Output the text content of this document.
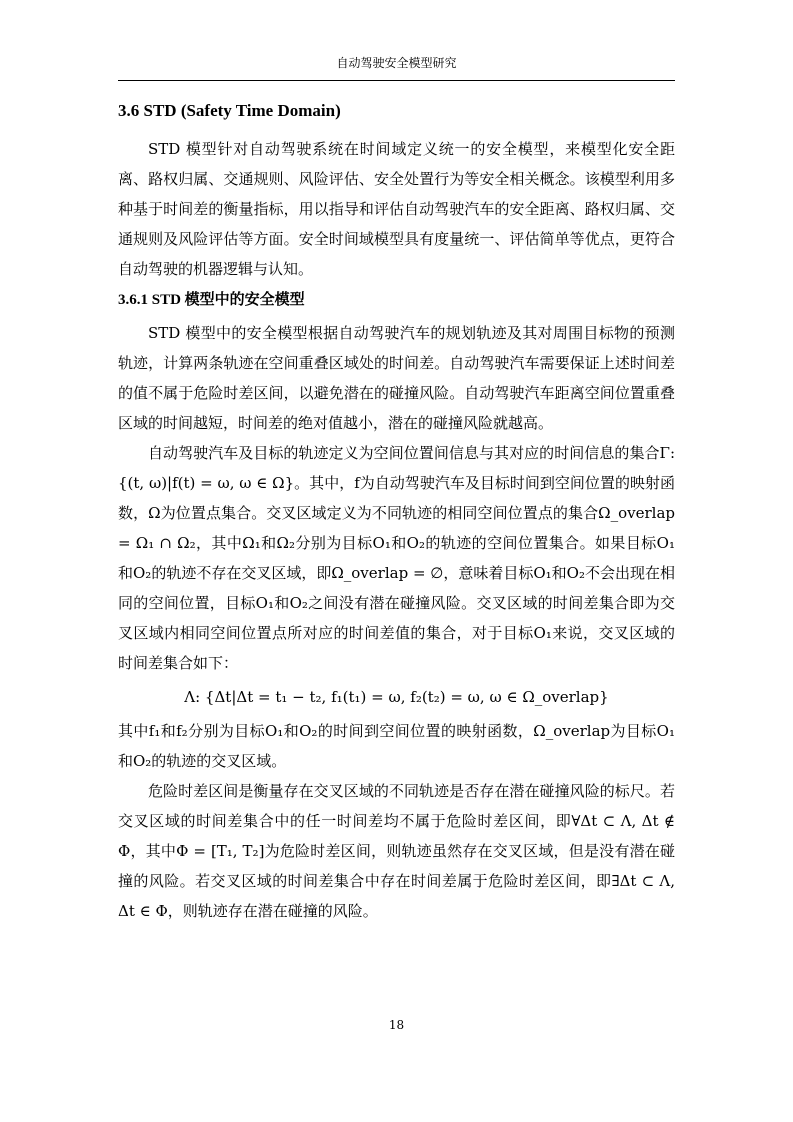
自动驾驶安全模型研究
3.6 STD (Safety Time Domain)

STD 模型针对自动驾驶系统在时间域定义统一的安全模型，来模型化安全距离、路权归属、交通规则、风险评估、安全处置行为等安全相关概念。该模型利用多种基于时间差的衡量指标，用以指导和评估自动驾驶汽车的安全距离、路权归属、交通规则及风险评估等方面。安全时间域模型具有度量统一、评估简单等优点，更符合自动驾驶的机器逻辑与认知。

3.6.1 STD 模型中的安全模型

STD 模型中的安全模型根据自动驾驶汽车的规划轨迹及其对周围目标物的预测轨迹，计算两条轨迹在空间重叠区域处的时间差。自动驾驶汽车需要保证上述时间差的值不属于危险时差区间，以避免潜在的碰撞风险。自动驾驶汽车距离空间位置重叠区域的时间越短，时间差的绝对值越小，潜在的碰撞风险就越高。

自动驾驶汽车及目标的轨迹定义为空间位置间信息与其对应的时间信息的集合Γ: {(t, ω)|f(t) = ω, ω ∈ Ω}。其中，f为自动驾驶汽车及目标时间到空间位置的映射函数，Ω为位置点集合。交叉区域定义为不同轨迹的相同空间位置点的集合Ω_overlap = Ω₁ ∩ Ω₂，其中Ω₁和Ω₂分别为目标O₁和O₂的轨迹的空间位置集合。如果目标O₁和O₂的轨迹不存在交叉区域，即Ω_overlap = ∅，意味着目标O₁和O₂不会出现在相同的空间位置，目标O₁和O₂之间没有潜在碰撞风险。交叉区域的时间差集合即为交叉区域内相同空间位置点所对应的时间差值的集合，对于目标O₁来说，交叉区域的时间差集合如下：

Λ: {Δt|Δt = t₁ − t₂, f₁(t₁) = ω, f₂(t₂) = ω, ω ∈ Ω_overlap}

其中f₁和f₂分别为目标O₁和O₂的时间到空间位置的映射函数，Ω_overlap为目标O₁和O₂的轨迹的交叉区域。

危险时差区间是衡量存在交叉区域的不同轨迹是否存在潜在碰撞风险的标尺。若交叉区域的时间差集合中的任一时间差均不属于危险时差区间，即∀Δt ⊂ Λ, Δt ∉ Φ，其中Φ = [T₁, T₂]为危险时差区间，则轨迹虽然存在交叉区域，但是没有潜在碰撞的风险。若交叉区域的时间差集合中存在时间差属于危险时差区间，即∃Δt ⊂ Λ, Δt ∈ Φ，则轨迹存在潜在碰撞的风险。

18
